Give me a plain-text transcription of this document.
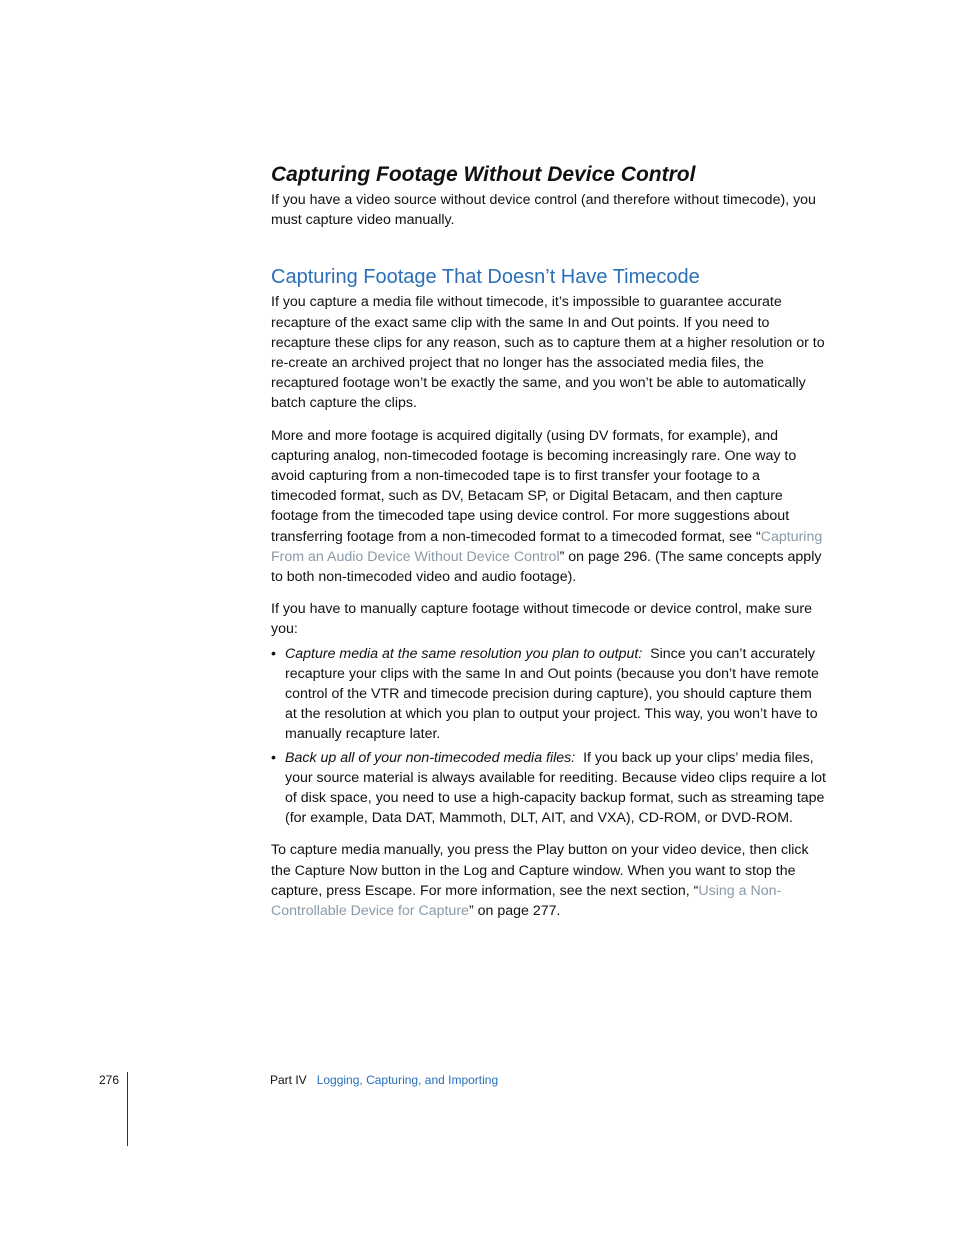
Capturing Footage Without Device Control

If you have a video source without device control (and therefore without timecode), you must capture video manually.

Capturing Footage That Doesn’t Have Timecode

If you capture a media file without timecode, it’s impossible to guarantee accurate recapture of the exact same clip with the same In and Out points. If you need to recapture these clips for any reason, such as to capture them at a higher resolution or to re-create an archived project that no longer has the associated media files, the recaptured footage won’t be exactly the same, and you won’t be able to automatically batch capture the clips.

More and more footage is acquired digitally (using DV formats, for example), and capturing analog, non-timecoded footage is becoming increasingly rare. One way to avoid capturing from a non-timecoded tape is to first transfer your footage to a timecoded format, such as DV, Betacam SP, or Digital Betacam, and then capture footage from the timecoded tape using device control. For more suggestions about transferring footage from a non-timecoded format to a timecoded format, see “Capturing From an Audio Device Without Device Control” on page 296. (The same concepts apply to both non-timecoded video and audio footage).

If you have to manually capture footage without timecode or device control, make sure you:

• Capture media at the same resolution you plan to output: Since you can’t accurately recapture your clips with the same In and Out points (because you don’t have remote control of the VTR and timecode precision during capture), you should capture them at the resolution at which you plan to output your project. This way, you won’t have to manually recapture later.
• Back up all of your non-timecoded media files: If you back up your clips’ media files, your source material is always available for reediting. Because video clips require a lot of disk space, you need to use a high-capacity backup format, such as streaming tape (for example, Data DAT, Mammoth, DLT, AIT, and VXA), CD-ROM, or DVD-ROM.

To capture media manually, you press the Play button on your video device, then click the Capture Now button in the Log and Capture window. When you want to stop the capture, press Escape. For more information, see the next section, “Using a Non-Controllable Device for Capture” on page 277.

276	Part IV Logging, Capturing, and Importing
